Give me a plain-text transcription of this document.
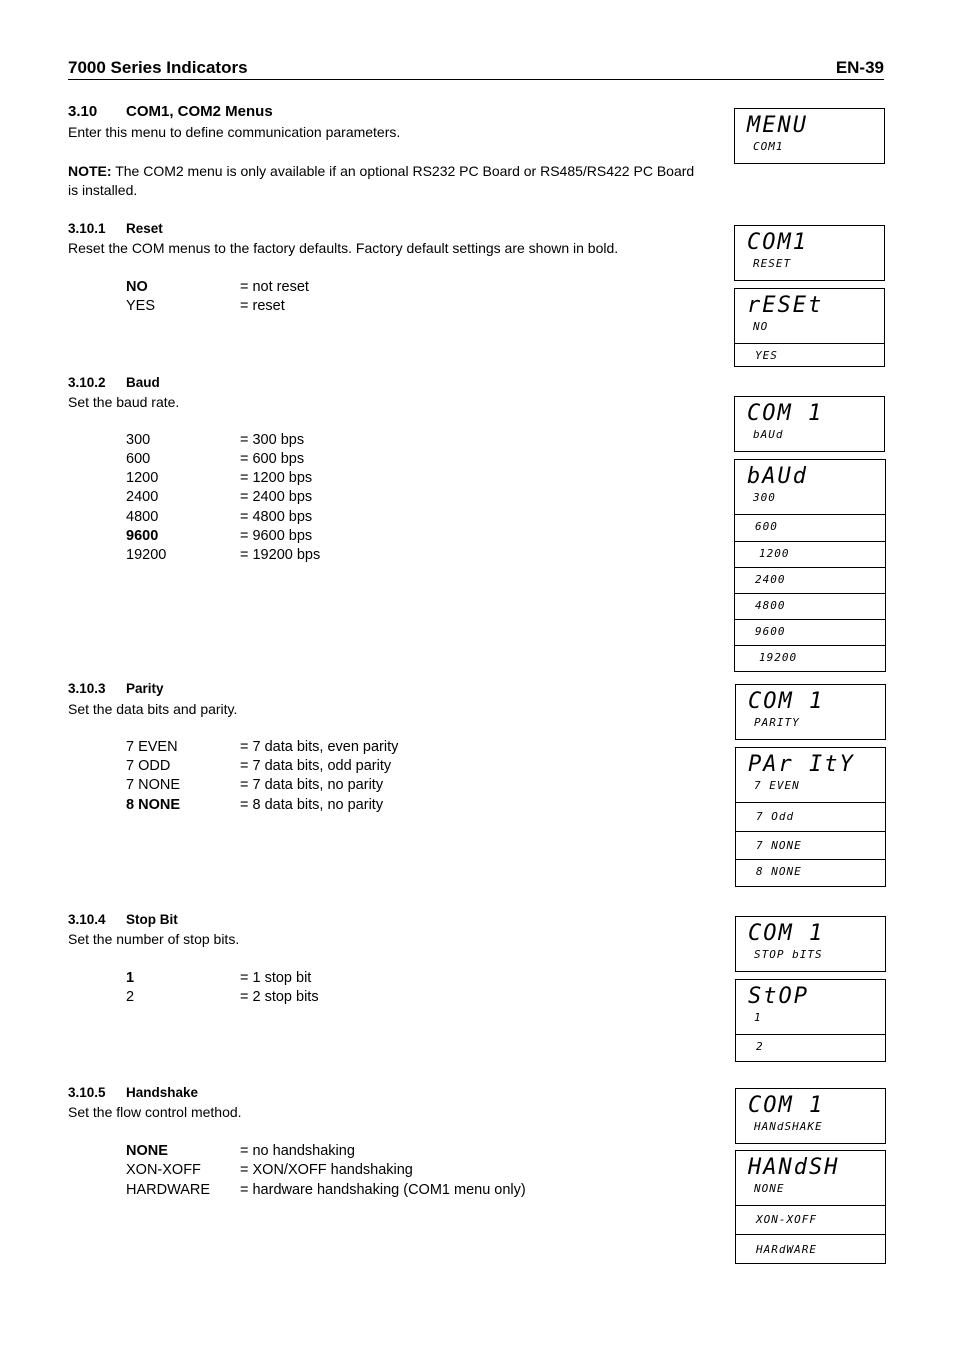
7000 Series Indicators	EN-39
3.10 COM1, COM2 Menus
Enter this menu to define communication parameters.
NOTE: The COM2 menu is only available if an optional RS232 PC Board or RS485/RS422 PC Board
is installed.
3.10.1 Reset
Reset the COM menus to the factory defaults. Factory default settings are shown in bold.
NO	= not reset
YES	= reset
3.10.2 Baud
Set the baud rate.
300	= 300 bps
600	= 600 bps
1200	= 1200 bps
2400	= 2400 bps
4800	= 4800 bps
9600	= 9600 bps
19200	= 19200 bps
3.10.3 Parity
Set the data bits and parity.
7 EVEN	= 7 data bits, even parity
7 ODD	= 7 data bits, odd parity
7 NONE	= 7 data bits, no parity
8 NONE	= 8 data bits, no parity
3.10.4 Stop Bit
Set the number of stop bits.
1	= 1 stop bit
2	= 2 stop bits
3.10.5 Handshake
Set the flow control method.
NONE	= no handshaking
XON-XOFF	= XON/XOFF handshaking
HARDWARE = hardware handshaking (COM1 menu only)
MENU
COM1
COM1
RESET
rESEt
NO
YES
COM 1
bAUd
bAUd
300
600
1200
2400
4800
9600
19200
COM 1
PARITY
PAr ItY
7 EVEN
7 Odd
7 NONE
8 NONE
COM 1
STOP bITS
StOP
1
2
COM 1
HANdSHAKE
HANdSH
NONE
XON-XOFF
HARdWARE
